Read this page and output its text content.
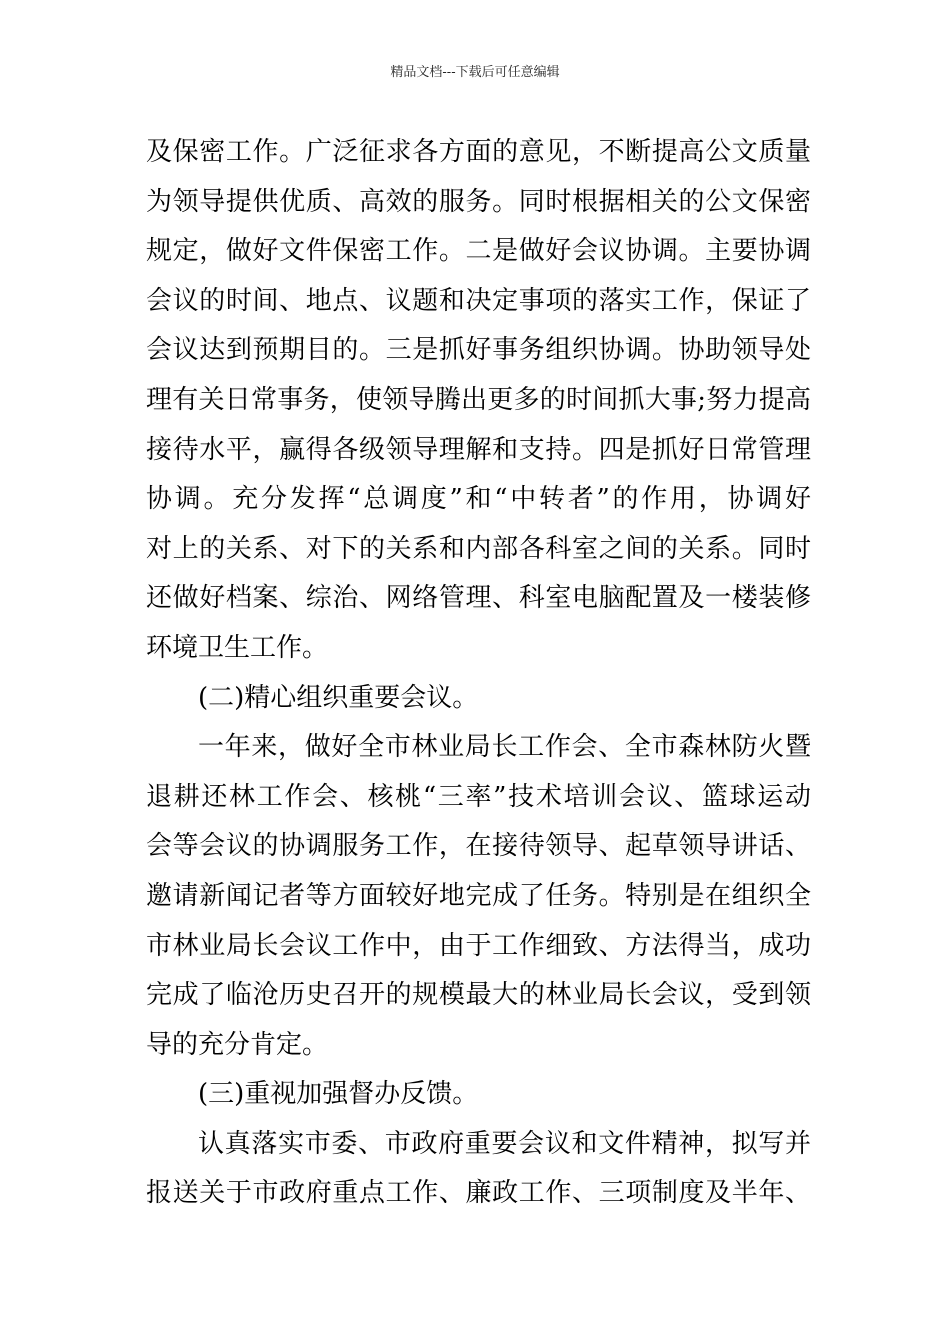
精品文档---下载后可任意编辑
及保密工作。广泛征求各方面的意见，不断提高公文质量
为领导提供优质、高效的服务。同时根据相关的公文保密
规定，做好文件保密工作。二是做好会议协调。主要协调
会议的时间、地点、议题和决定事项的落实工作，保证了
会议达到预期目的。三是抓好事务组织协调。协助领导处
理有关日常事务，使领导腾出更多的时间抓大事;努力提高
接待水平，赢得各级领导理解和支持。四是抓好日常管理
协调。充分发挥“总调度”和“中转者”的作用，协调好
对上的关系、对下的关系和内部各科室之间的关系。同时
还做好档案、综治、网络管理、科室电脑配置及一楼装修
环境卫生工作。
(二)精心组织重要会议。
一年来，做好全市林业局长工作会、全市森林防火暨
退耕还林工作会、核桃“三率”技术培训会议、篮球运动
会等会议的协调服务工作，在接待领导、起草领导讲话、
邀请新闻记者等方面较好地完成了任务。特别是在组织全
市林业局长会议工作中，由于工作细致、方法得当，成功
完成了临沧历史召开的规模最大的林业局长会议，受到领
导的充分肯定。
(三)重视加强督办反馈。
认真落实市委、市政府重要会议和文件精神，拟写并
报送关于市政府重点工作、廉政工作、三项制度及半年、
